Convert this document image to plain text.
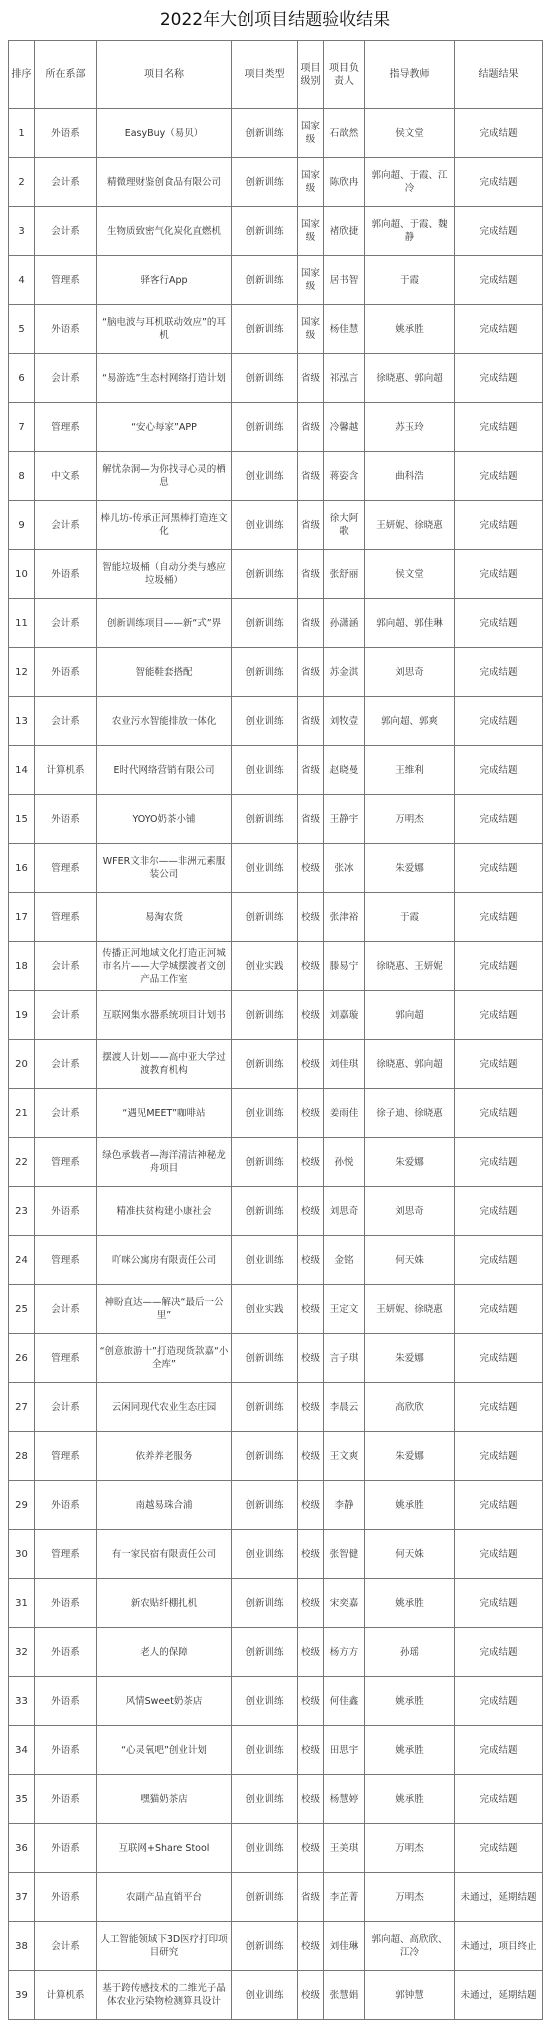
2022年大创项目结题验收结果
排序	所在系部	项目名称	项目类型	项目级别	项目负责人	指导教师	结题结果
1	外语系	EasyBuy（易贝）	创新训练	国家级	石歆然	侯文堂	完成结题
2	会计系	精微理财鉴创食品有限公司	创新训练	国家级	陈欣冉	郭向超、于霞、江冷	完成结题
3	会计系	生物质致密气化炭化直燃机	创新训练	国家级	褚欣捷	郭向超、于霞、魏静	完成结题
4	管理系	驿客行App	创新训练	国家级	居书智	于霞	完成结题
5	外语系	“脑电波与耳机联动效应”的耳机	创新训练	国家级	杨佳慧	姚承胜	完成结题
6	会计系	“易游选”生态村网络打造计划	创新训练	省级	祁泓言	徐晓惠、郭向超	完成结题
7	管理系	“安心每家”APP	创新训练	省级	冷馨越	苏玉玲	完成结题
8	中文系	解忧杂洞—为你找寻心灵的栖息	创业训练	省级	蒋姿含	曲科浩	完成结题
9	会计系	棒儿坊-传承正河黑棒打造连文化	创业训练	省级	徐大阿歌	王妍妮、徐晓惠	完成结题
10	外语系	智能垃圾桶（自动分类与感应垃圾桶）	创新训练	省级	张舒丽	侯文堂	完成结题
11	会计系	创新训练项目——新“式”界	创新训练	省级	孙潇涵	郭向超、郭佳琳	完成结题
12	外语系	智能鞋套搭配	创新训练	省级	苏金淇	刘思奇	完成结题
13	会计系	农业污水智能排放一体化	创业训练	省级	刘牧壹	郭向超、郭爽	完成结题
14	计算机系	E时代网络营销有限公司	创业训练	省级	赵晓曼	王维利	完成结题
15	外语系	YOYO奶茶小铺	创新训练	省级	王静宇	万明杰	完成结题
16	管理系	WFER文非尔——非洲元素服装公司	创业训练	校级	张冰	朱爱娜	完成结题
17	管理系	易淘农货	创新训练	校级	张津裕	于霞	完成结题
18	会计系	传播正河地域文化打造正河城市名片——大学城摆渡者文创产品工作室	创业实践	校级	滕易宁	徐晓惠、王妍妮	完成结题
19	会计系	互联网集水器系统项目计划书	创新训练	校级	刘嘉璇	郭向超	完成结题
20	会计系	摆渡人计划——高中亚大学过渡教育机构	创新训练	校级	刘佳琪	徐晓惠、郭向超	完成结题
21	会计系	“遇见MEET”咖啡站	创业训练	校级	姜雨佳	徐子迪、徐晓惠	完成结题
22	管理系	绿色承载者—海洋清洁神秘龙舟项目	创新训练	校级	孙悦	朱爱娜	完成结题
23	外语系	精准扶贫构建小康社会	创新训练	校级	刘思奇	刘思奇	完成结题
24	管理系	吖咪公寓房有限责任公司	创业训练	校级	金铭	何天姝	完成结题
25	会计系	神盼直达——解决“最后一公里”	创业实践	校级	王定文	王妍妮、徐晓惠	完成结题
26	管理系	“创意旅游十”打造现货款嘉“小全库”	创新训练	校级	言子琪	朱爱娜	完成结题
27	会计系	云闲同现代农业生态庄园	创新训练	校级	李晨云	高欣欣	完成结题
28	管理系	依养养老服务	创新训练	校级	王文爽	朱爱娜	完成结题
29	外语系	南越易珠合浦	创新训练	校级	李静	姚承胜	完成结题
30	管理系	有一家民宿有限责任公司	创业训练	校级	张智健	何天姝	完成结题
31	外语系	新农贴纤棚扎机	创新训练	校级	宋奕嘉	姚承胜	完成结题
32	外语系	老人的保障	创新训练	校级	杨方方	孙瑶	完成结题
33	外语系	风情Sweet奶茶店	创业训练	校级	何佳鑫	姚承胜	完成结题
34	外语系	“心灵氧吧”创业计划	创业训练	校级	田思宇	姚承胜	完成结题
35	外语系	嘿猫奶茶店	创业训练	校级	杨慧婷	姚承胜	完成结题
36	外语系	互联网+Share Stool	创业训练	校级	王美琪	万明杰	完成结题
37	外语系	农副产品直销平台	创新训练	省级	李芷菁	万明杰	未通过，延期结题
38	会计系	人工智能领域下3D医疗打印项目研究	创新训练	校级	刘佳琳	郭向超、高欣欣、江冷	未通过，项目终止
39	计算机系	基于跨传感技术的二维光子晶体农业污染物检测算具设计	创业训练	校级	张慧娟	郭钟慧	未通过，延期结题
